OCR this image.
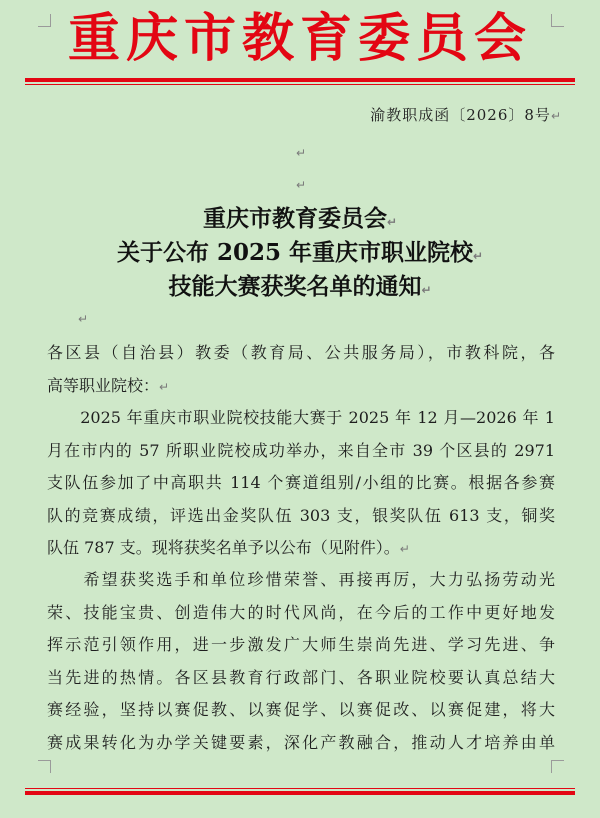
重庆市教育委员会
渝教职成函〔2026〕8号↵
↵
↵
重庆市教育委员会↵
关于公布 2025 年重庆市职业院校↵
技能大赛获奖名单的通知↵
↵
各区县（自治县）教委（教育局、公共服务局），市教科院，各
高等职业院校：↵
　　2025 年重庆市职业院校技能大赛于 2025 年 12 月—2026 年 1
月在市内的 57 所职业院校成功举办，来自全市 39 个区县的 2971
支队伍参加了中高职共 114 个赛道组别/小组的比赛。根据各参赛
队的竞赛成绩，评选出金奖队伍 303 支，银奖队伍 613 支，铜奖
队伍 787 支。现将获奖名单予以公布（见附件）。↵
　　希望获奖选手和单位珍惜荣誉、再接再厉，大力弘扬劳动光
荣、技能宝贵、创造伟大的时代风尚，在今后的工作中更好地发
挥示范引领作用，进一步激发广大师生崇尚先进、学习先进、争
当先进的热情。各区县教育行政部门、各职业院校要认真总结大
赛经验，坚持以赛促教、以赛促学、以赛促改、以赛促建，将大
赛成果转化为办学关键要素，深化产教融合，推动人才培养由单
